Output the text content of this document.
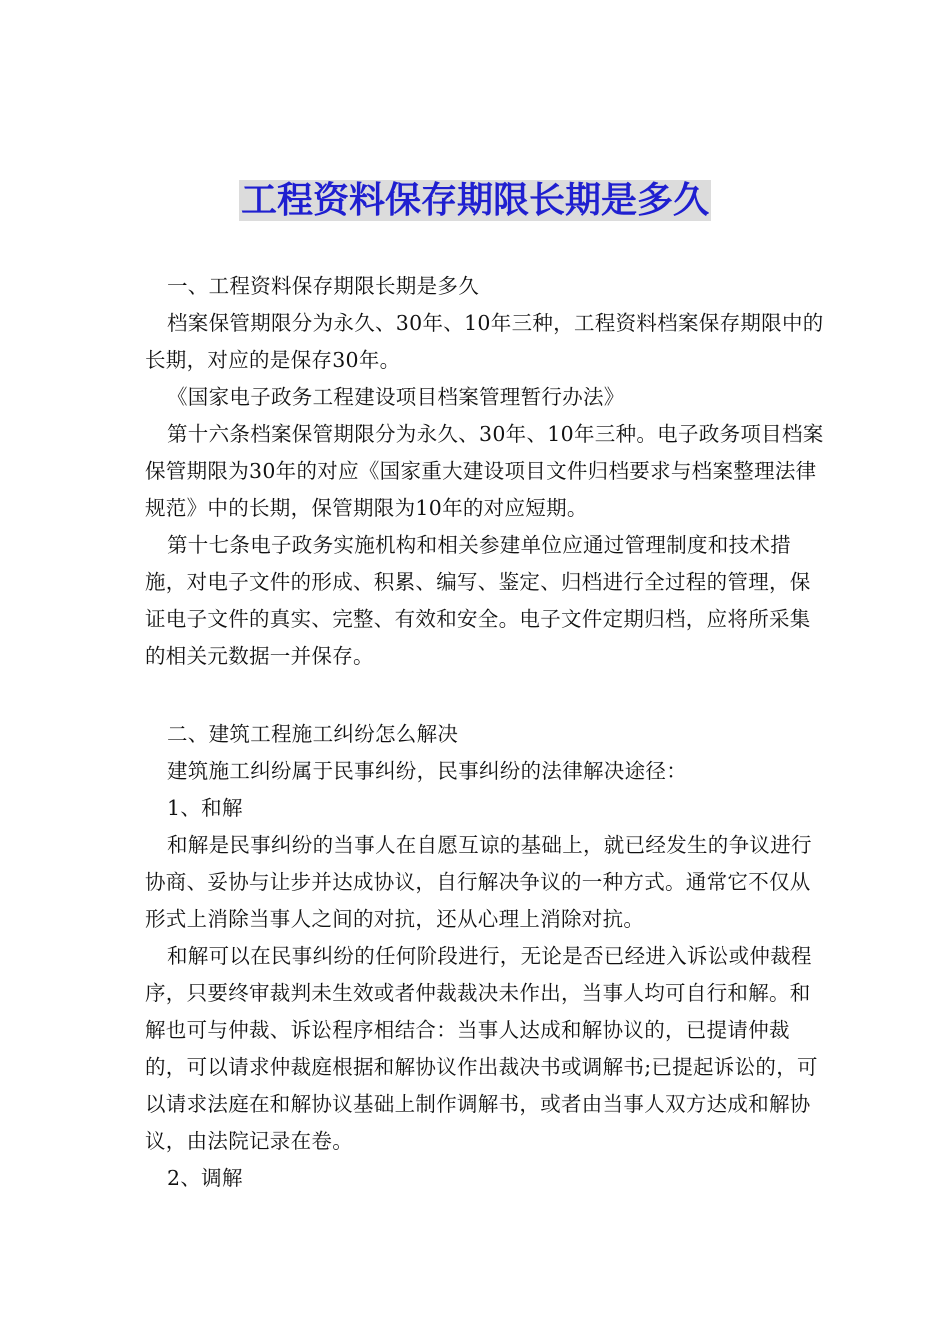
工程资料保存期限长期是多久

一、工程资料保存期限长期是多久

档案保管期限分为永久、30年、10年三种，工程资料档案保存期限中的长期，对应的是保存30年。

《国家电子政务工程建设项目档案管理暂行办法》

第十六条档案保管期限分为永久、30年、10年三种。电子政务项目档案保管期限为30年的对应《国家重大建设项目文件归档要求与档案整理法律规范》中的长期，保管期限为10年的对应短期。

第十七条电子政务实施机构和相关参建单位应通过管理制度和技术措施，对电子文件的形成、积累、编写、鉴定、归档进行全过程的管理，保证电子文件的真实、完整、有效和安全。电子文件定期归档，应将所采集的相关元数据一并保存。

二、建筑工程施工纠纷怎么解决

建筑施工纠纷属于民事纠纷，民事纠纷的法律解决途径：

1、和解

和解是民事纠纷的当事人在自愿互谅的基础上，就已经发生的争议进行协商、妥协与让步并达成协议，自行解决争议的一种方式。通常它不仅从形式上消除当事人之间的对抗，还从心理上消除对抗。

和解可以在民事纠纷的任何阶段进行，无论是否已经进入诉讼或仲裁程序，只要终审裁判未生效或者仲裁裁决未作出，当事人均可自行和解。和解也可与仲裁、诉讼程序相结合：当事人达成和解协议的，已提请仲裁的，可以请求仲裁庭根据和解协议作出裁决书或调解书;已提起诉讼的，可以请求法庭在和解协议基础上制作调解书，或者由当事人双方达成和解协议，由法院记录在卷。

2、调解
